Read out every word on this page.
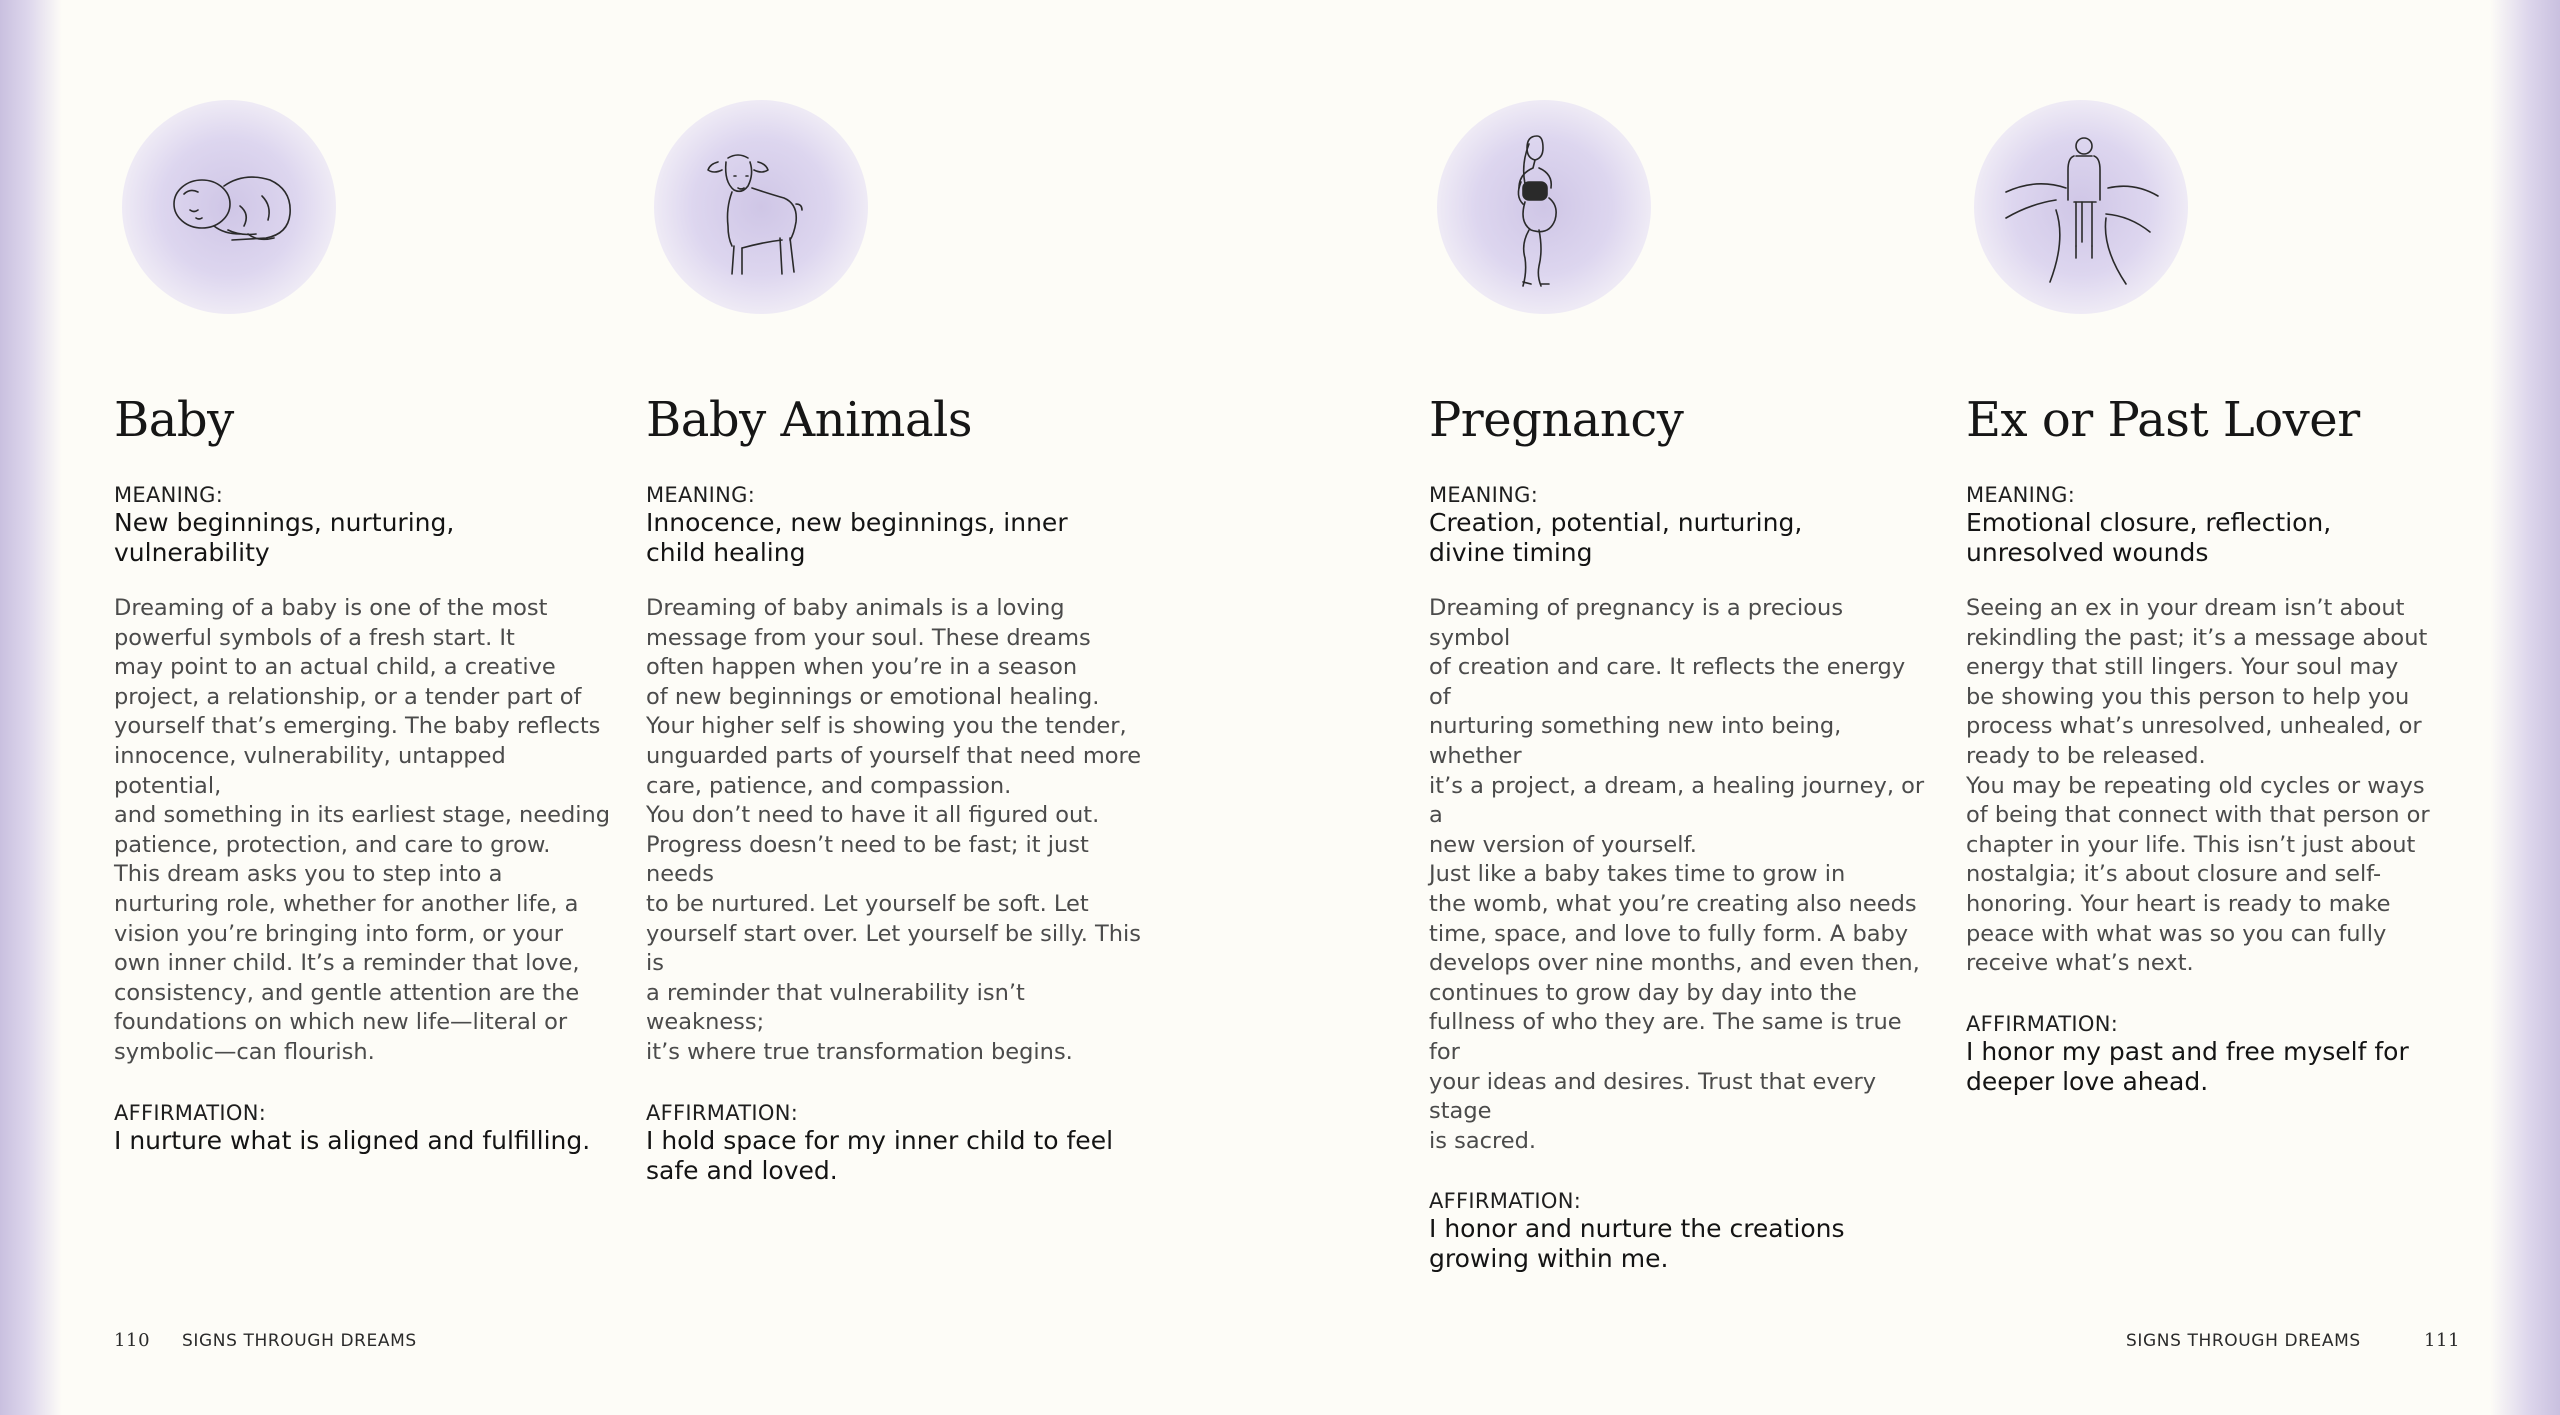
Baby
MEANING:
New beginnings, nurturing, vulnerability
Dreaming of a baby is one of the most
powerful symbols of a fresh start. It
may point to an actual child, a creative
project, a relationship, or a tender part of
yourself that’s emerging. The baby reflects
innocence, vulnerability, untapped potential,
and something in its earliest stage, needing
patience, protection, and care to grow.
This dream asks you to step into a
nurturing role, whether for another life, a
vision you’re bringing into form, or your
own inner child. It’s a reminder that love,
consistency, and gentle attention are the
foundations on which new life—literal or
symbolic—can flourish.
AFFIRMATION:
I nurture what is aligned and fulfilling.
Baby Animals
MEANING:
Innocence, new beginnings, inner
child healing
Dreaming of baby animals is a loving
message from your soul. These dreams
often happen when you’re in a season
of new beginnings or emotional healing.
Your higher self is showing you the tender,
unguarded parts of yourself that need more
care, patience, and compassion.
You don’t need to have it all figured out.
Progress doesn’t need to be fast; it just needs
to be nurtured. Let yourself be soft. Let
yourself start over. Let yourself be silly. This is
a reminder that vulnerability isn’t weakness;
it’s where true transformation begins.
AFFIRMATION:
I hold space for my inner child to feel
safe and loved.
Pregnancy
MEANING:
Creation, potential, nurturing,
divine timing
Dreaming of pregnancy is a precious symbol
of creation and care. It reflects the energy of
nurturing something new into being, whether
it’s a project, a dream, a healing journey, or a
new version of yourself.
Just like a baby takes time to grow in
the womb, what you’re creating also needs
time, space, and love to fully form. A baby
develops over nine months, and even then,
continues to grow day by day into the
fullness of who they are. The same is true for
your ideas and desires. Trust that every stage
is sacred.
AFFIRMATION:
I honor and nurture the creations
growing within me.
Ex or Past Lover
MEANING:
Emotional closure, reflection,
unresolved wounds
Seeing an ex in your dream isn’t about
rekindling the past; it’s a message about
energy that still lingers. Your soul may
be showing you this person to help you
process what’s unresolved, unhealed, or
ready to be released.
You may be repeating old cycles or ways
of being that connect with that person or
chapter in your life. This isn’t just about
nostalgia; it’s about closure and self-
honoring. Your heart is ready to make
peace with what was so you can fully
receive what’s next.
AFFIRMATION:
I honor my past and free myself for
deeper love ahead.
110 SIGNS THROUGH DREAMS	SIGNS THROUGH DREAMS	111
